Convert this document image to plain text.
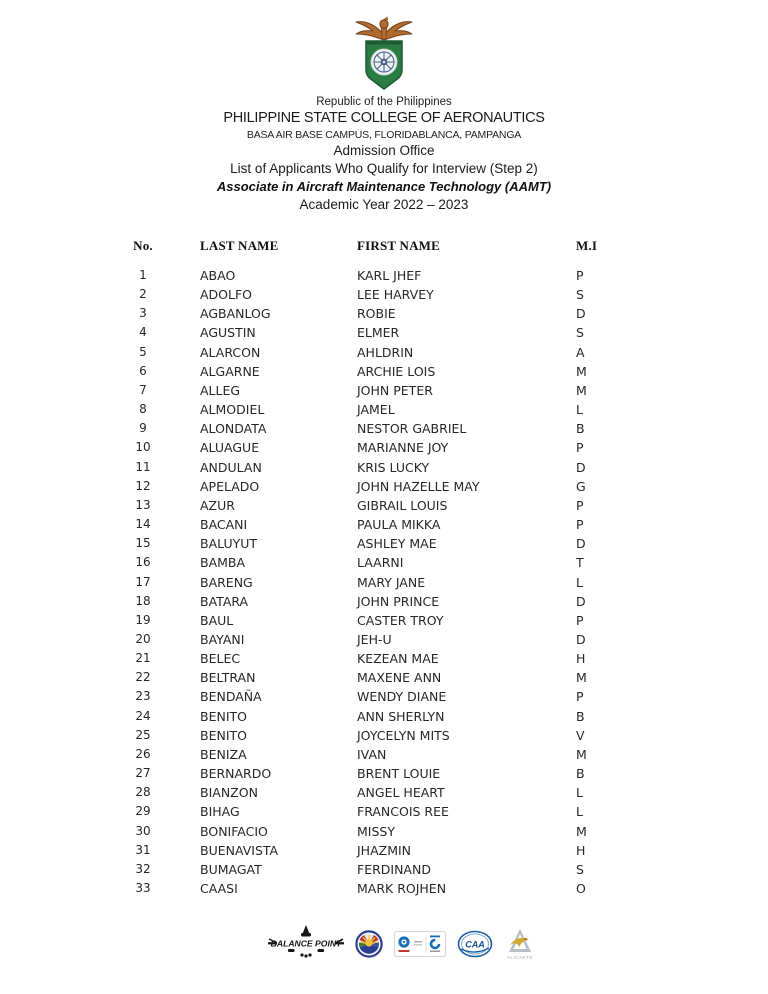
Republic of the Philippines
PHILIPPINE STATE COLLEGE OF AERONAUTICS
BASA AIR BASE CAMPUS, FLORIDABLANCA, PAMPANGA
Admission Office
List of Applicants Who Qualify for Interview (Step 2)
Associate in Aircraft Maintenance Technology (AAMT)
Academic Year 2022 – 2023
No.	LAST NAME	FIRST NAME	M.I
1	ABAO	KARL JHEF	P
2	ADOLFO	LEE HARVEY	S
3	AGBANLOG	ROBIE	D
4	AGUSTIN	ELMER	S
5	ALARCON	AHLDRIN	A
6	ALGARNE	ARCHIE LOIS	M
7	ALLEG	JOHN PETER	M
8	ALMODIEL	JAMEL	L
9	ALONDATA	NESTOR GABRIEL	B
10	ALUAGUE	MARIANNE JOY	P
11	ANDULAN	KRIS LUCKY	D
12	APELADO	JOHN HAZELLE MAY	G
13	AZUR	GIBRAIL LOUIS	P
14	BACANI	PAULA MIKKA	P
15	BALUYUT	ASHLEY MAE	D
16	BAMBA	LAARNI	T
17	BARENG	MARY JANE	L
18	BATARA	JOHN PRINCE	D
19	BAUL	CASTER TROY	P
20	BAYANI	JEH-U	D
21	BELEC	KEZEAN MAE	H
22	BELTRAN	MAXENE ANN	M
23	BENDAÑA	WENDY DIANE	P
24	BENITO	ANN SHERLYN	B
25	BENITO	JOYCELYN MITS	V
26	BENIZA	IVAN	M
27	BERNARDO	BRENT LOUIE	B
28	BIANZON	ANGEL HEART	L
29	BIHAG	FRANCOIS REE	L
30	BONIFACIO	MISSY	M
31	BUENAVISTA	JHAZMIN	H
32	BUMAGAT	FERDINAND	S
33	CAASI	MARK ROJHEN	O
BALANCE POINT	CAA
ALICANTO
